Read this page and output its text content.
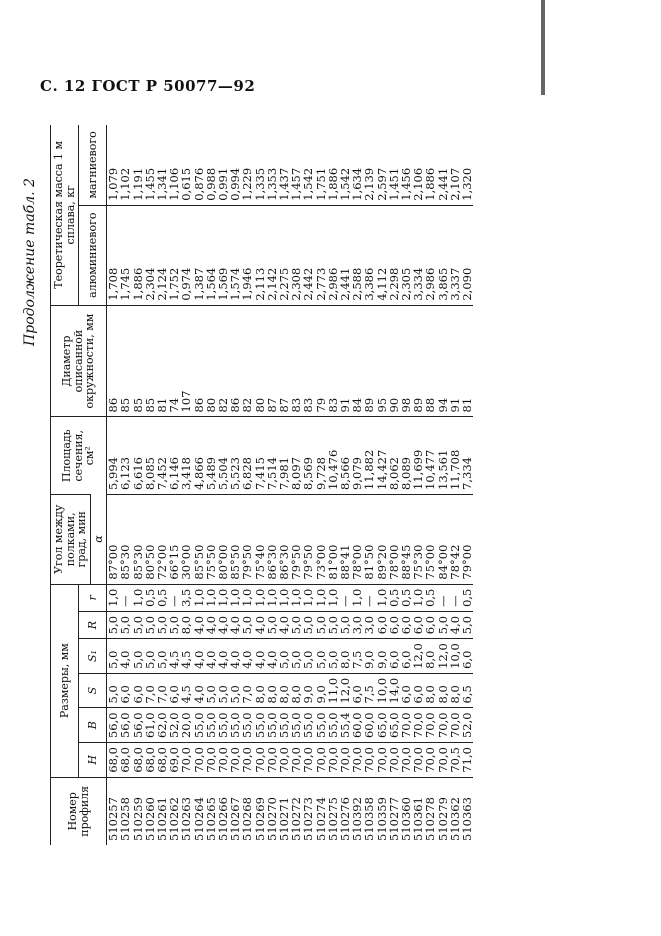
С. 12 ГОСТ Р 50077—92
Продолжение табл. 2
Номер профиля	Размеры, мм						Угол между полками, град, мин	Площадь сечения, см²	Диаметр описанной окружности, мм	Теоретическая масса 1 м сплава, кг	
	H	B	S	S₁	R	r				алюминиевого	магниевого
							α				
510257	68,0	56,0	5,0	5,0	5,0	1,0	87°00	5,994	86	1,708	1,079
510258	68,0	56,0	6,0	4,0	5,0	—	85°30	6,123	85	1,745	1,102
510259	68,0	56,0	6,0	5,0	5,0	1,0	85°30	6,616	85	1,886	1,191
510260	68,0	61,0	7,0	5,0	5,0	0,5	80°50	8,085	85	2,304	1,455
510261	68,0	62,0	7,0	5,0	5,0	0,5	72°00	7,452	81	2,124	1,341
510262	69,0	52,0	6,0	4,5	5,0	—	66°15	6,146	74	1,752	1,106
510263	70,0	20,0	4,5	4,5	8,0	3,5	30°00	3,418	107	0,974	0,615
510264	70,0	55,0	4,0	4,0	4,0	1,0	85°50	4,866	86	1,387	0,876
510265	70,0	55,0	5,0	4,0	4,0	1,0	75°50	5,489	80	1,564	0,988
510266	70,0	55,0	5,0	4,0	4,0	1,0	80°00	5,504	82	1,569	0,991
510267	70,0	55,0	5,0	4,0	4,0	1,0	85°50	5,523	86	1,574	0,994
510268	70,0	55,0	7,0	4,0	5,0	1,0	79°50	6,828	82	1,946	1,229
510269	70,0	55,0	8,0	4,0	4,0	1,0	75°40	7,415	80	2,113	1,335
510270	70,0	55,0	8,0	4,0	5,0	1,0	86°30	7,514	87	2,142	1,353
510271	70,0	55,0	8,0	5,0	4,0	1,0	86°30	7,981	87	2,275	1,437
510272	70,0	55,0	8,0	5,0	5,0	1,0	79°50	8,097	83	2,308	1,457
510273	70,0	55,0	9,0	5,0	5,0	1,0	79°50	8,569	83	2,442	1,542
510274	70,0	55,0	9,0	5,0	5,0	1,0	73°00	9,728	79	2,773	1,751
510275	70,0	55,0	11,0	5,0	5,0	1,0	81°00	10,476	83	2,986	1,886
510276	70,0	55,4	12,0	8,0	5,0	—	88°41	8,566	91	2,441	1,542
510392	70,0	60,0	6,0	7,5	3,0	1,0	78°00	9,079	84	2,588	1,634
510358	70,0	60,0	7,5	9,0	3,0	—	81°50	11,882	89	3,386	2,139
510359	70,0	65,0	10,0	9,0	6,0	1,0	89°20	14,427	95	4,112	2,597
510277	70,0	65,0	14,0	6,0	6,0	0,5	78°00	8,062	90	2,298	1,451
510360	70,0	70,0	6,0	6,0	6,0	0,5	88°45	8,089	98	2,305	1,456
510361	70,0	70,0	6,0	12,0	6,0	1,0	75°30	11,699	89	3,334	2,106
510278	70,0	70,0	8,0	8,0	6,0	0,5	75°00	10,477	88	2,986	1,886
510279	70,0	70,0	8,0	12,0	5,0	—	84°00	13,561	94	3,865	2,441
510362	70,5	70,0	8,0	10,0	4,0	—	78°42	11,708	91	3,337	2,107
510363	71,0	52,0	6,5	6,0	5,0	0,5	79°00	7,334	81	2,090	1,320
